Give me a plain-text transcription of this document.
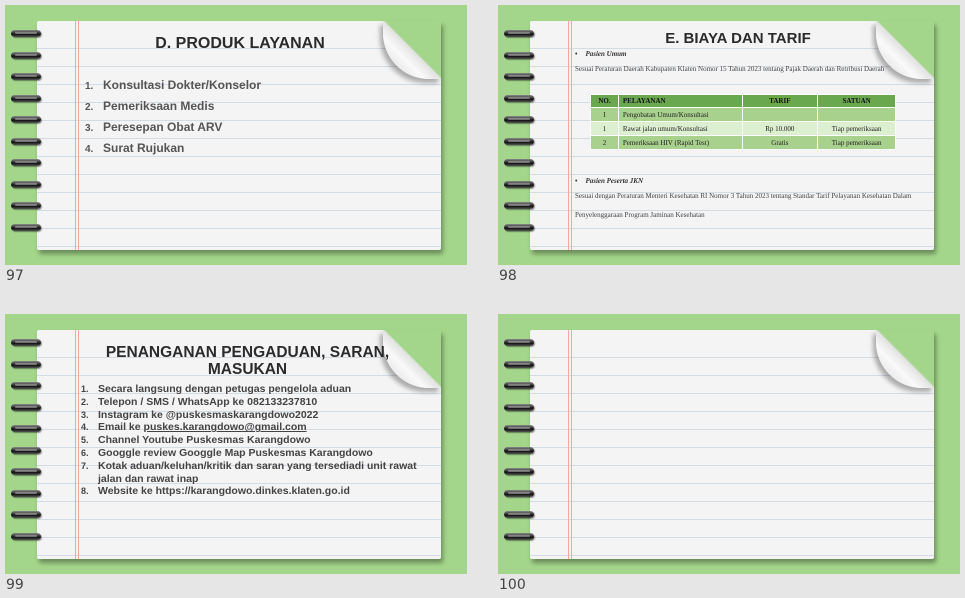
D. PRODUK LAYANAN
1. Konsultasi Dokter/Konselor
2. Pemeriksaan Medis
3. Peresepan Obat ARV
4. Surat Rujukan
97
E. BIAYA DAN TARIF
• Pasien Umum
Sesuai Peraturan Daerah Kabupaten Klaten Nomor 15 Tahun 2023 tentang Pajak Daerah dan Retribusi Daerah
NO.	PELAYANAN	TARIF	SATUAN
I	Pengobatan Umum/Konsultasi		
1	Rawat jalan umum/Konsultasi	Rp 10.000	Tiap pemeriksaan
2	Pemeriksaan HIV (Rapid Test)	Gratis	Tiap pemeriksaan
• Pasien Peserta JKN
Sesuai dengan Peraturan Menteri Kesehatan RI Nomor 3 Tahun 2023 tentang Standar Tarif Pelayanan Kesehatan Dalam Penyelenggaraan Program Jaminan Kesehatan
98
PENANGANAN PENGADUAN, SARAN, MASUKAN
1. Secara langsung dengan petugas pengelola aduan
2. Telepon / SMS / WhatsApp ke 082133237810
3. Instagram ke @puskesmaskarangdowo2022
4. Email ke puskes.karangdowo@gmail.com
5. Channel Youtube Puskesmas Karangdowo
6. Googgle review Googgle Map Puskesmas Karangdowo
7. Kotak aduan/keluhan/kritik dan saran yang tersediadi unit rawat jalan dan rawat inap
8. Website ke https://karangdowo.dinkes.klaten.go.id
99	100
